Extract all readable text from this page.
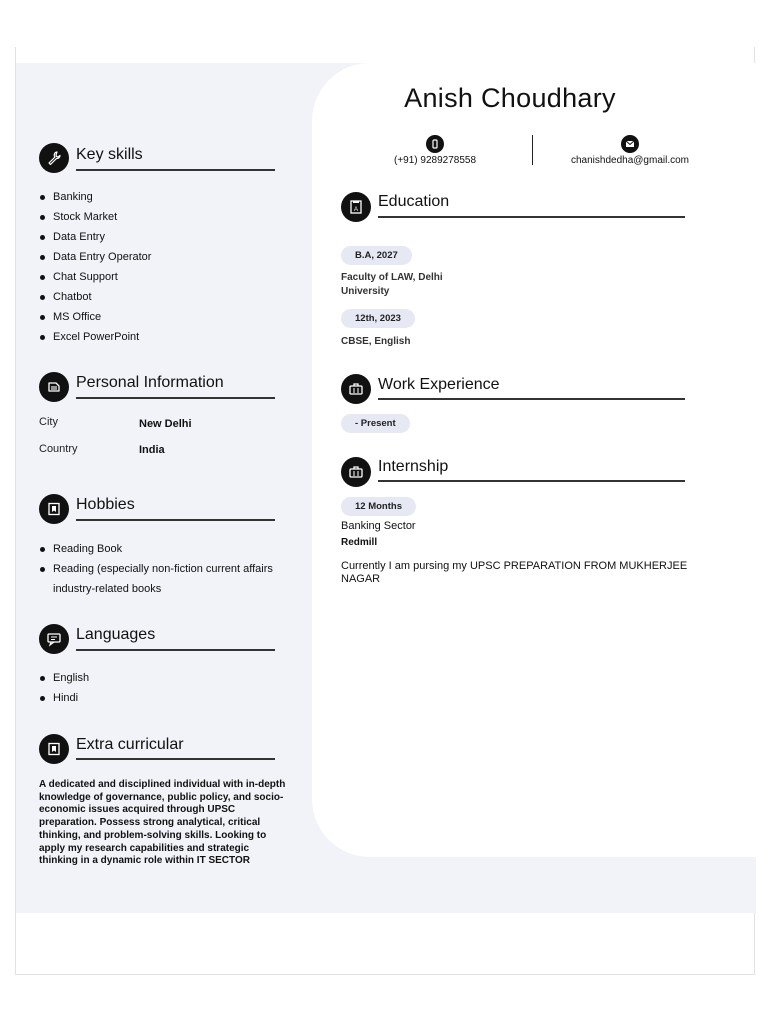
Anish Choudhary
(+91) 9289278558	chanishdedha@gmail.com
A Education
B.A, 2027
Faculty of LAW, Delhi
University
12th, 2023
CBSE, English
Work Experience
- Present
Internship
12 Months
Banking Sector
Redmill
Currently I am pursing my UPSC PREPARATION FROM MUKHERJEE NAGAR
Key skills
Banking
Stock Market
Data Entry
Data Entry Operator
Chat Support
Chatbot
MS Office
Excel PowerPoint
Personal Information
City	New Delhi
Country	India
Hobbies
Reading Book
Reading (especially non-fiction current affairs industry-related books
Languages
English
Hindi
Extra curricular
A dedicated and disciplined individual with in-depth knowledge of governance, public policy, and socio-economic issues acquired through UPSC preparation. Possess strong analytical, critical thinking, and problem-solving skills. Looking to apply my research capabilities and strategic thinking in a dynamic role within IT SECTOR
